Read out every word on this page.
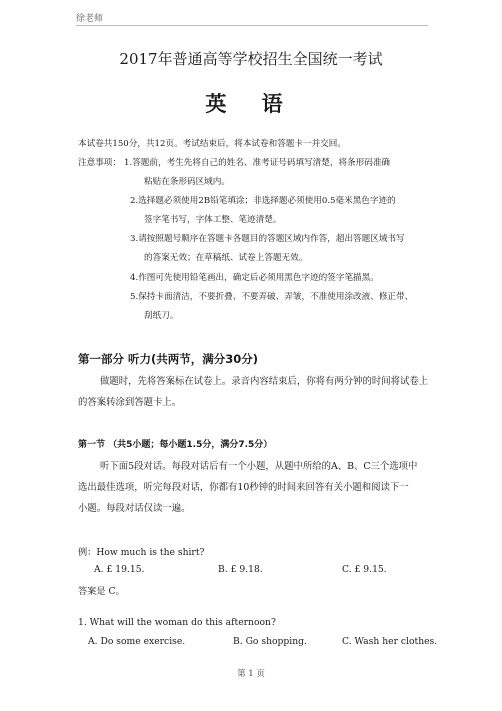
徐老师
2017年普通高等学校招生全国统一考试
英 语
本试卷共150分，共12页。考试结束后，将本试卷和答题卡一并交回。
注意事项： 1.答题前，考生先将自己的姓名、准考证号码填写清楚，将条形码准确
粘贴在条形码区域内。
2.选择题必须使用2B铅笔填涂；非选择题必须使用0.5毫米黑色字迹的
签字笔书写，字体工整、笔迹清楚。
3.请按照题号顺序在答题卡各题目的答题区域内作答，超出答题区域书写
的答案无效；在草稿纸、试卷上答题无效。
4.作图可先使用铅笔画出，确定后必须用黑色字迹的签字笔描黑。
5.保持卡面清洁，不要折叠、不要弄破、弄皱，不准使用涂改液、修正带、
刮纸刀。
第一部分 听力(共两节，满分30分)
做题时，先将答案标在试卷上。录音内容结束后，你将有两分钟的时间将试卷上
的答案转涂到答题卡上。
第一节 （共5小题；每小题1.5分，满分7.5分）
听下面5段对话。每段对话后有一个小题，从题中所给的A、B、C三个选项中
选出最佳选项，听完每段对话，你都有10秒钟的时间来回答有关小题和阅读下一
小题。每段对话仅读一遍。
例：How much is the shirt?
A. £ 19.15.	B. £ 9.18.	C. £ 9.15.
答案是 C。
1. What will the woman do this afternoon?
A. Do some exercise.	B. Go shopping.	C. Wash her clothes.
第 1 页
